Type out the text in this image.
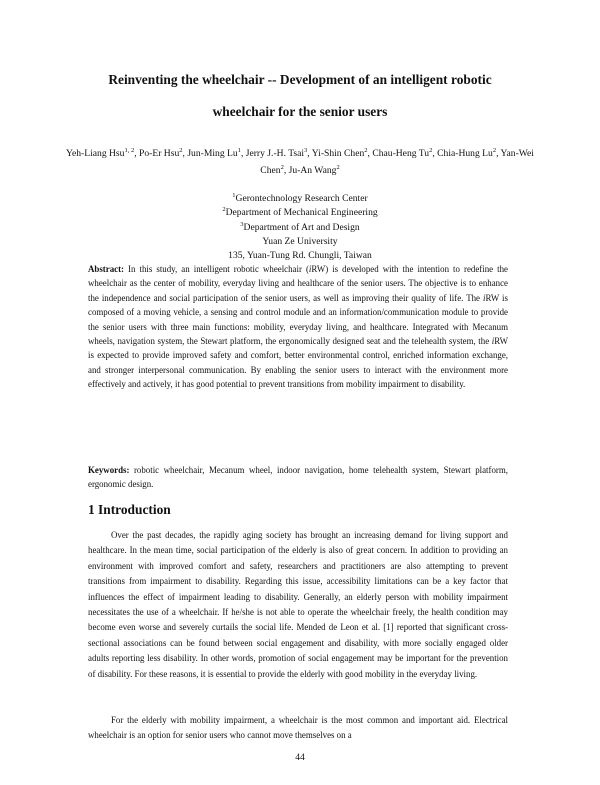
Reinventing the wheelchair -- Development of an intelligent robotic
wheelchair for the senior users

Yeh-Liang Hsu$^{1, 2}$, Po-Er Hsu$^2$, Jun-Ming Lu$^1$, Jerry J.-H. Tsai$^3$, Yi-Shin Chen$^2$, Chau-Heng Tu$^2$, Chia-Hung Lu$^2$, Yan-Wei Chen$^2$, Ju-An Wang$^2$

$^1$Gerontechnology Research Center
$^2$Department of Mechanical Engineering
$^3$Department of Art and Design
Yuan Ze University
135, Yuan-Tung Rd. Chungli, Taiwan

Abstract: In this study, an intelligent robotic wheelchair (iRW) is developed with the intention to redefine the wheelchair as the center of mobility, everyday living and healthcare of the senior users. The objective is to enhance the independence and social participation of the senior users, as well as improving their quality of life. The iRW is composed of a moving vehicle, a sensing and control module and an information/communication module to provide the senior users with three main functions: mobility, everyday living, and healthcare. Integrated with Mecanum wheels, navigation system, the Stewart platform, the ergonomically designed seat and the telehealth system, the iRW is expected to provide improved safety and comfort, better environmental control, enriched information exchange, and stronger interpersonal communication. By enabling the senior users to interact with the environment more effectively and actively, it has good potential to prevent transitions from mobility impairment to disability.

Keywords: robotic wheelchair, Mecanum wheel, indoor navigation, home telehealth system, Stewart platform, ergonomic design.

1 Introduction

Over the past decades, the rapidly aging society has brought an increasing demand for living support and healthcare. In the mean time, social participation of the elderly is also of great concern. In addition to providing an environment with improved comfort and safety, researchers and practitioners are also attempting to prevent transitions from impairment to disability. Regarding this issue, accessibility limitations can be a key factor that influences the effect of impairment leading to disability. Generally, an elderly person with mobility impairment necessitates the use of a wheelchair. If he/she is not able to operate the wheelchair freely, the health condition may become even worse and severely curtails the social life. Mended de Leon et al. [1] reported that significant cross-sectional associations can be found between social engagement and disability, with more socially engaged older adults reporting less disability. In other words, promotion of social engagement may be important for the prevention of disability. For these reasons, it is essential to provide the elderly with good mobility in the everyday living.

For the elderly with mobility impairment, a wheelchair is the most common and important aid. Electrical wheelchair is an option for senior users who cannot move themselves on a

44
